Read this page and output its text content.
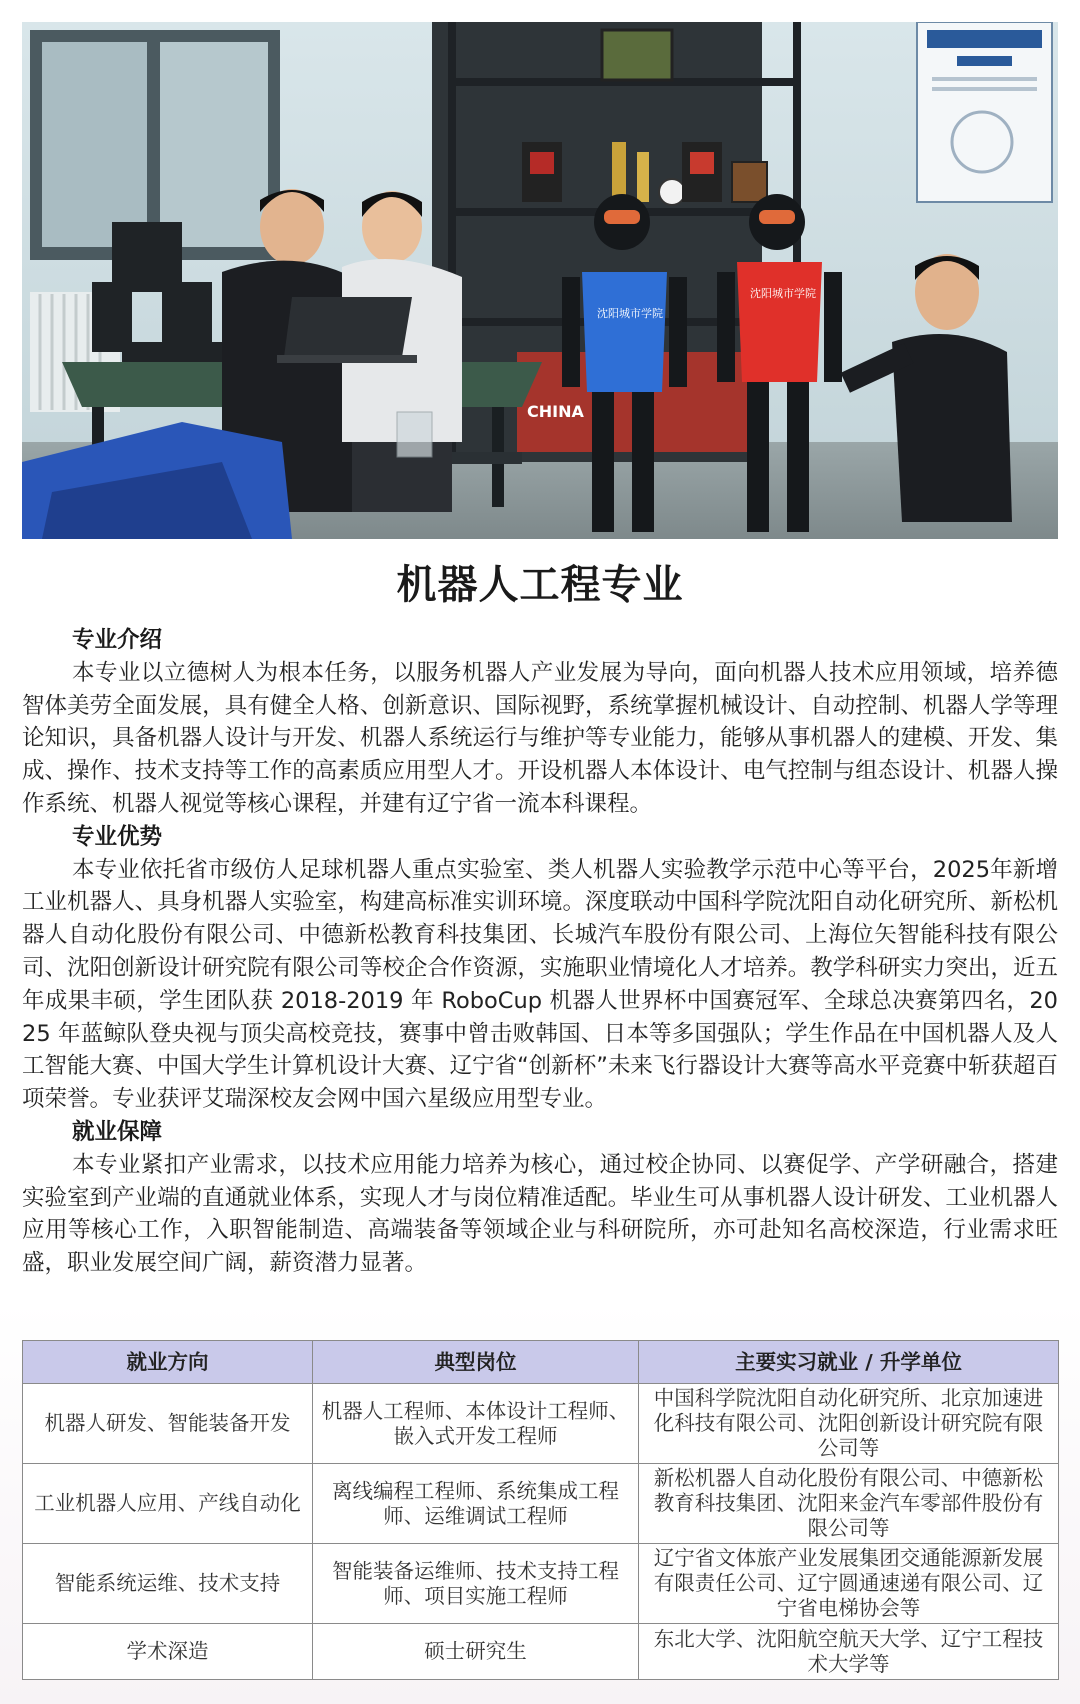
CHINA
沈阳城市学院
沈阳城市学院
机器人工程专业
专业介绍

本专业以立德树人为根本任务，以服务机器人产业发展为导向，面向机器人技术应用领域，培养德智体美劳全面发展，具有健全人格、创新意识、国际视野，系统掌握机械设计、自动控制、机器人学等理论知识，具备机器人设计与开发、机器人系统运行与维护等专业能力，能够从事机器人的建模、开发、集成、操作、技术支持等工作的高素质应用型人才。开设机器人本体设计、电气控制与组态设计、机器人操作系统、机器人视觉等核心课程，并建有辽宁省一流本科课程。

专业优势

本专业依托省市级仿人足球机器人重点实验室、类人机器人实验教学示范中心等平台，2025年新增工业机器人、具身机器人实验室，构建高标准实训环境。深度联动中国科学院沈阳自动化研究所、新松机器人自动化股份有限公司、中德新松教育科技集团、长城汽车股份有限公司、上海位矢智能科技有限公司、沈阳创新设计研究院有限公司等校企合作资源，实施职业情境化人才培养。教学科研实力突出，近五年成果丰硕，学生团队获 2018-2019 年 RoboCup 机器人世界杯中国赛冠军、全球总决赛第四名，2025 年蓝鲸队登央视与顶尖高校竞技，赛事中曾击败韩国、日本等多国强队；学生作品在中国机器人及人工智能大赛、中国大学生计算机设计大赛、辽宁省“创新杯”未来飞行器设计大赛等高水平竞赛中斩获超百项荣誉。专业获评艾瑞深校友会网中国六星级应用型专业。

就业保障

本专业紧扣产业需求，以技术应用能力培养为核心，通过校企协同、以赛促学、产学研融合，搭建实验室到产业端的直通就业体系，实现人才与岗位精准适配。毕业生可从事机器人设计研发、工业机器人应用等核心工作，入职智能制造、高端装备等领域企业与科研院所，亦可赴知名高校深造，行业需求旺盛，职业发展空间广阔，薪资潜力显著。

就业方向	典型岗位	主要实习就业 / 升学单位
机器人研发、智能装备开发	机器人工程师、本体设计工程师、嵌入式开发工程师	中国科学院沈阳自动化研究所、北京加速进化科技有限公司、沈阳创新设计研究院有限公司等
工业机器人应用、产线自动化	离线编程工程师、系统集成工程师、运维调试工程师	新松机器人自动化股份有限公司、中德新松教育科技集团、沈阳来金汽车零部件股份有限公司等
智能系统运维、技术支持	智能装备运维师、技术支持工程师、项目实施工程师	辽宁省文体旅产业发展集团交通能源新发展有限责任公司、辽宁圆通速递有限公司、辽宁省电梯协会等
学术深造	硕士研究生	东北大学、沈阳航空航天大学、辽宁工程技术大学等
